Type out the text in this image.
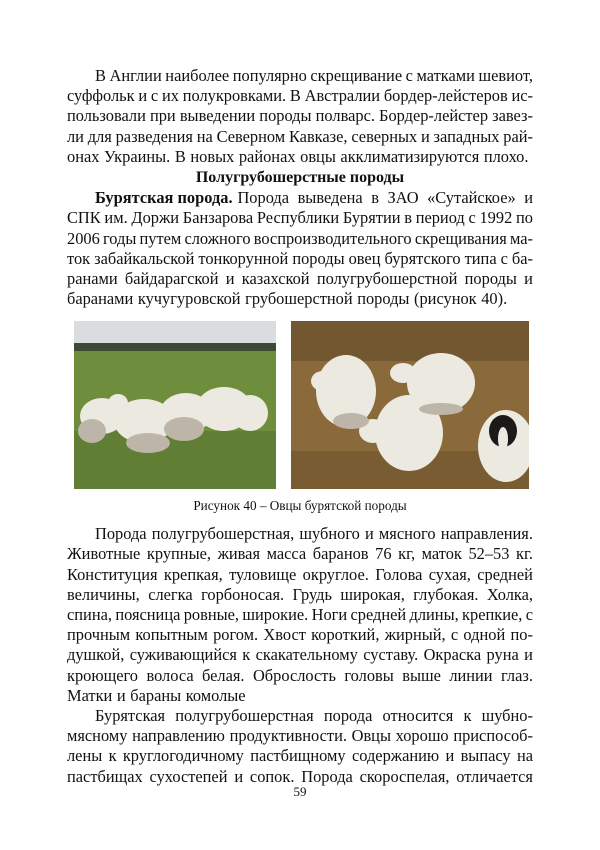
В Англии наиболее популярно скрещивание с матками шевиот,
суффольк и с их полукровками. В Австралии бордер-лейстеров ис-
пользовали при выведении породы полварс. Бордер-лейстер завез-
ли для разведения на Северном Кавказе, северных и западных рай-
онах Украины. В новых районах овцы акклиматизируются плохо.
Полугрубошерстные породы
Бурятская порода. Порода выведена в ЗАО «Сутайское» и
СПК им. Доржи Банзарова Республики Бурятии в период с 1992 по
2006 годы путем сложного воспроизводительного скрещивания ма-
ток забайкальской тонкорунной породы овец бурятского типа с ба-
ранами байдарагской и казахской полугрубошерстной породы и
баранами кучугуровской грубошерстной породы (рисунок 40).
Рисунок 40 – Овцы бурятской породы
Порода полугрубошерстная, шубного и мясного направления.
Животные крупные, живая масса баранов 76 кг, маток 52–53 кг.
Конституция крепкая, туловище округлое. Голова сухая, средней
величины, слегка горбоносая. Грудь широкая, глубокая. Холка,
спина, поясница ровные, широкие. Ноги средней длины, крепкие, с
прочным копытным рогом. Хвост короткий, жирный, с одной по-
душкой, суживающийся к скакательному суставу. Окраска руна и
кроющего волоса белая. Оброслость головы выше линии глаз.
Матки и бараны комолые
Бурятская полугрубошерстная порода относится к шубно-
мясному направлению продуктивности. Овцы хорошо приспособ-
лены к круглогодичному пастбищному содержанию и выпасу на
пастбищах сухостепей и сопок. Порода скороспелая, отличается
59
